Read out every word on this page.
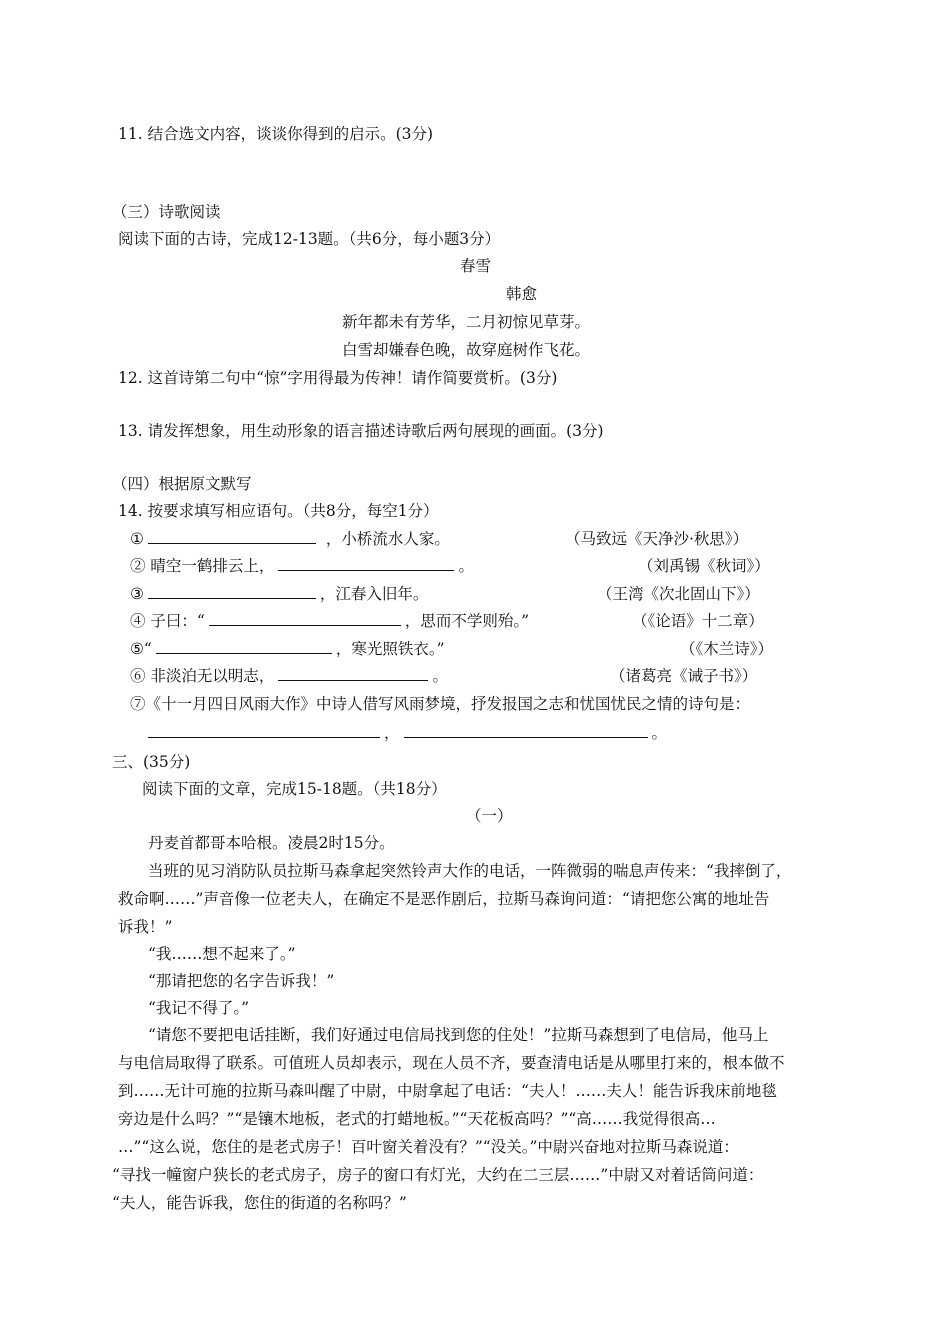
11. 结合选文内容，谈谈你得到的启示。(3分)
（三）诗歌阅读
阅读下面的古诗，完成12-13题。（共6分，每小题3分）
春雪
韩愈
新年都未有芳华，二月初惊见草芽。
白雪却嫌春色晚，故穿庭树作飞花。
12. 这首诗第二句中“惊”字用得最为传神！请作简要赏析。(3分)
13. 请发挥想象，用生动形象的语言描述诗歌后两句展现的画面。(3分)
（四）根据原文默写
14. 按要求填写相应语句。（共8分，每空1分）
①	，小桥流水人家。	（马致远《天净沙·秋思》）
② 晴空一鹤排云上，	。	（刘禹锡《秋词》）
③	，江春入旧年。	（王湾《次北固山下》）
④ 子曰：“	，思而不学则殆。”	（《论语》十二章）
⑤“	，寒光照铁衣。”	（《木兰诗》）
⑥ 非淡泊无以明志，	。	（诸葛亮《诫子书》）
⑦《十一月四日风雨大作》中诗人借写风雨梦境，抒发报国之志和忧国忧民之情的诗句是：
，	。
三、(35分)
阅读下面的文章，完成15-18题。（共18分）
（一）
丹麦首都哥本哈根。凌晨2时15分。
当班的见习消防队员拉斯马森拿起突然铃声大作的电话，一阵微弱的喘息声传来：“我摔倒了，
救命啊……”声音像一位老夫人，在确定不是恶作剧后，拉斯马森询问道：“请把您公寓的地址告
诉我！”
“我……想不起来了。”
“那请把您的名字告诉我！”
“我记不得了。”
“请您不要把电话挂断，我们好通过电信局找到您的住处！”拉斯马森想到了电信局，他马上
与电信局取得了联系。可值班人员却表示，现在人员不齐，要查清电话是从哪里打来的，根本做不
到……无计可施的拉斯马森叫醒了中尉，中尉拿起了电话：“夫人！……夫人！能告诉我床前地毯
旁边是什么吗？”“是镶木地板，老式的打蜡地板。”“天花板高吗？”“高……我觉得很高…
…”“这么说，您住的是老式房子！百叶窗关着没有？”“没关。”中尉兴奋地对拉斯马森说道：
“寻找一幢窗户狭长的老式房子，房子的窗口有灯光，大约在二三层……”中尉又对着话筒问道：
“夫人，能告诉我，您住的街道的名称吗？”
